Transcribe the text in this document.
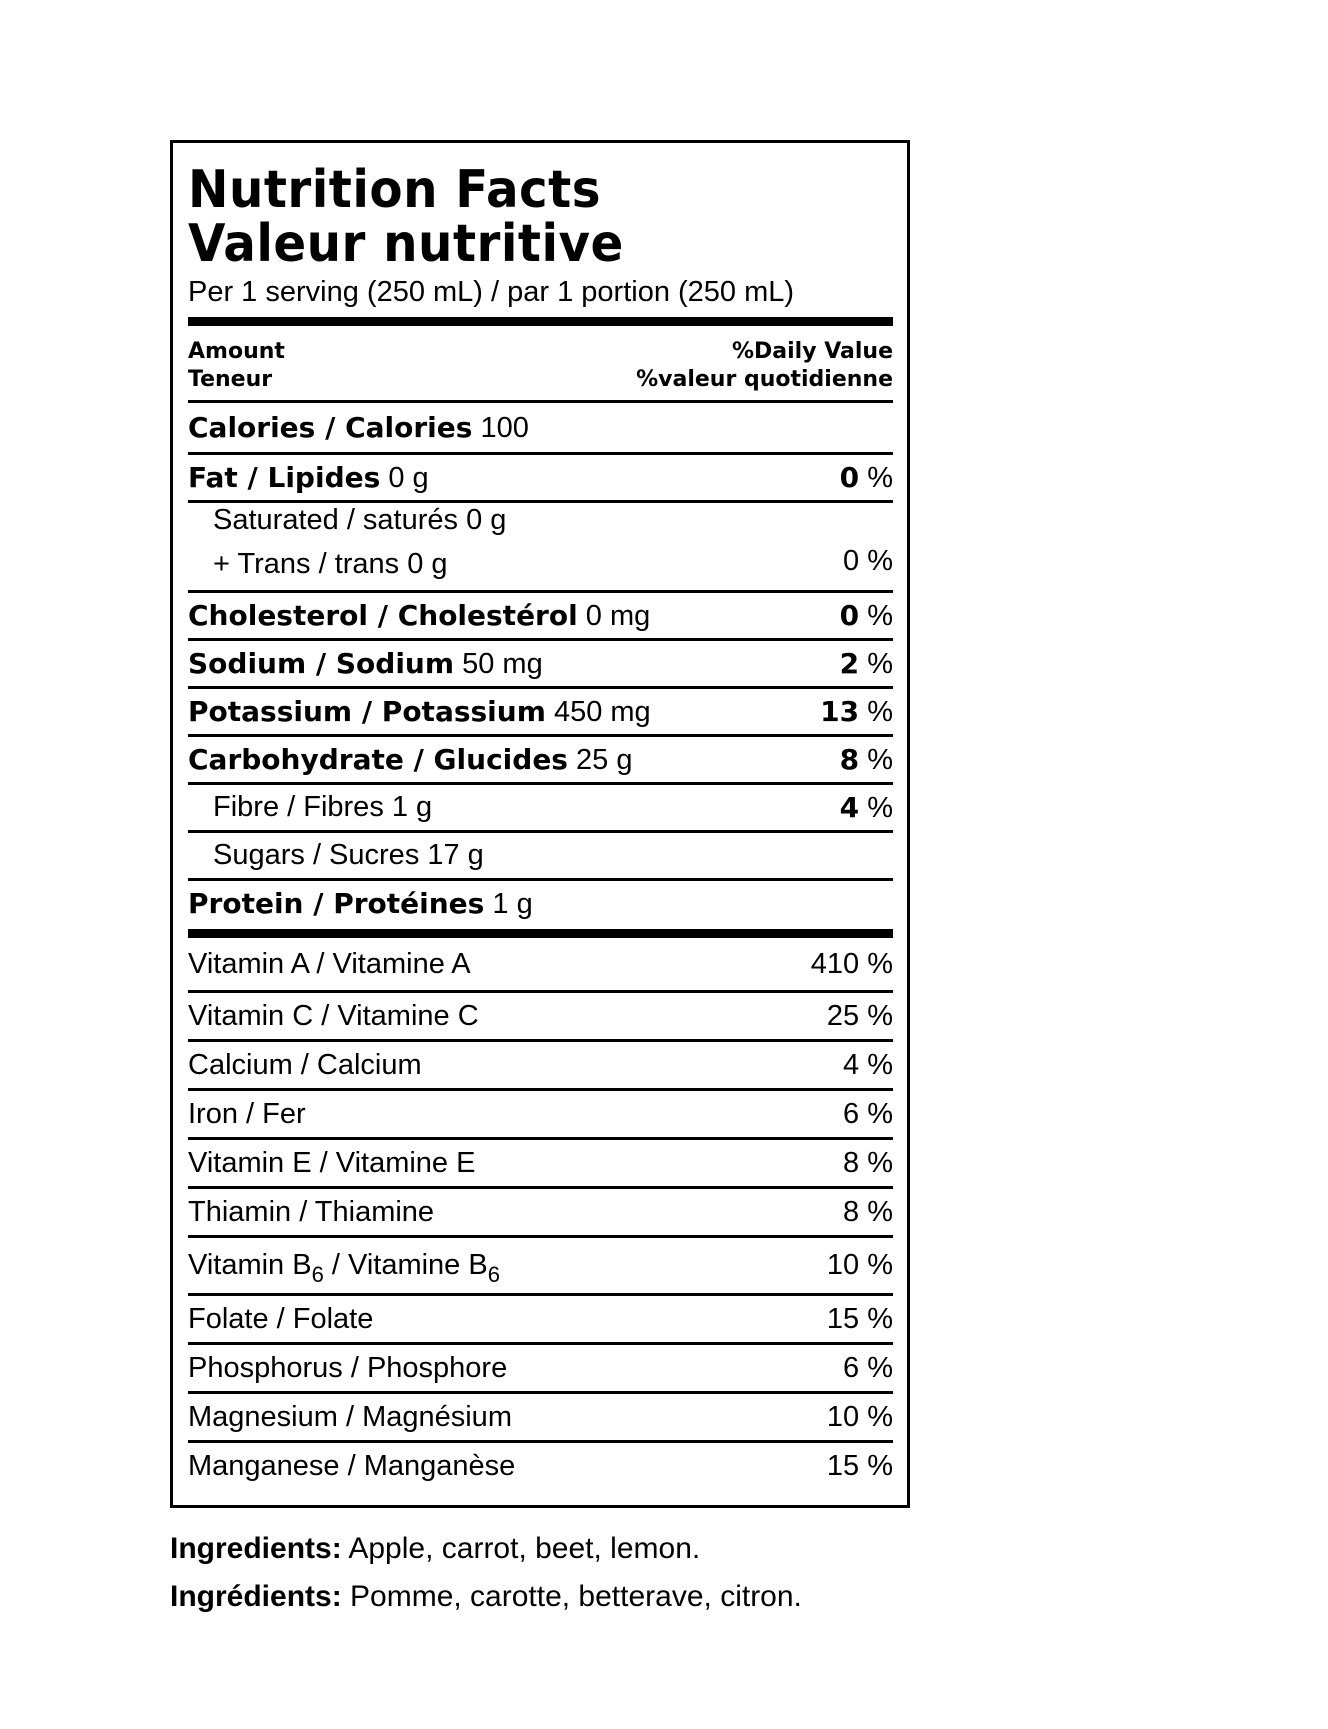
Nutrition Facts
Valeur nutritive
Per 1 serving (250 mL) / par 1 portion (250 mL)
Amount
Teneur
%Daily Value
%valeur quotidienne
Calories / Calories 100
Fat / Lipides 0 g	0 %
Saturated / saturés 0 g
+ Trans / trans 0 g	0 %
Cholesterol / Cholestérol 0 mg	0 %
Sodium / Sodium 50 mg	2 %
Potassium / Potassium 450 mg	13 %
Carbohydrate / Glucides 25 g	8 %
Fibre / Fibres 1 g	4 %
Sugars / Sucres 17 g
Protein / Protéines 1 g
Vitamin A / Vitamine A	410 %
Vitamin C / Vitamine C	25 %
Calcium / Calcium	4 %
Iron / Fer	6 %
Vitamin E / Vitamine E	8 %
Thiamin / Thiamine	8 %
Vitamin $B_6$ / Vitamine $B_6$	10 %
Folate / Folate	15 %
Phosphorus / Phosphore	6 %
Magnesium / Magnésium	10 %
Manganese / Manganèse	15 %
Ingredients: Apple, carrot, beet, lemon.
Ingrédients: Pomme, carotte, betterave, citron.
